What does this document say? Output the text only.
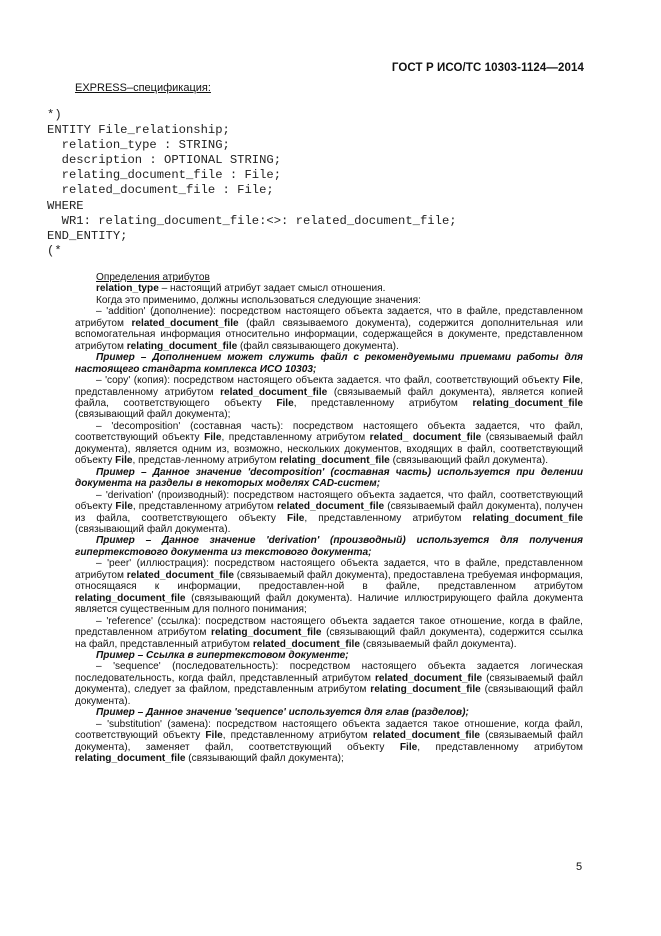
ГОСТ Р ИСО/ТС 10303-1124—2014
EXPRESS–спецификация:
*)
ENTITY File_relationship;
relation_type : STRING;
description : OPTIONAL STRING;
relating_document_file : File;
related_document_file : File;
WHERE
WR1: relating_document_file:<>: related_document_file;
END_ENTITY;
(*

Определения атрибутов

relation_type – настоящий атрибут задает смысл отношения.

Когда это применимо, должны использоваться следующие значения:

– 'addition' (дополнение): посредством настоящего объекта задается, что в файле, представленном атрибутом related_document_file (файл связываемого документа), содержится дополнительная или вспомогательная информация относительно информации, содержащейся в документе, представленном атрибутом relating_document_file (файл связывающего документа).

Пример – Дополнением может служить файл с рекомендуемыми приемами работы для настоящего стандарта комплекса ИСО 10303;

– 'copy' (копия): посредством настоящего объекта задается. что файл, соответствующий объекту File, представленному атрибутом related_document_file (связываемый файл документа), является копией файла, соответствующего объекту File, представленному атрибутом relating_document_file (связывающий файл документа);

– 'decomposition' (составная часть): посредством настоящего объекта задается, что файл, соответствующий объекту File, представленному атрибутом related_ document_file (связываемый файл документа), является одним из, возможно, нескольких документов, входящих в файл, соответствующий объекту File, представ-ленному атрибутом relating_document_file (связывающий файл документа).

Пример – Данное значение 'decomposition' (составная часть) используется при делении документа на разделы в некоторых моделях CAD-систем;

– 'derivation' (производный): посредством настоящего объекта задается, что файл, соответствующий объекту File, представленному атрибутом related_document_file (связываемый файл документа), получен из файла, соответствующего объекту File, представленному атрибутом relating_document_file (связывающий файл документа).

Пример – Данное значение 'derivation' (производный) используется для получения гипертекстового документа из текстового документа;

– 'peer' (иллюстрация): посредством настоящего объекта задается, что в файле, представленном атрибутом related_document_file (связываемый файл документа), предоставлена требуемая информация, относящаяся к информации, предоставлен-ной в файле, представленном атрибутом relating_document_file (связывающий файл документа). Наличие иллюстрирующего файла документа является существенным для полного понимания;

– 'reference' (ссылка): посредством настоящего объекта задается такое отношение, когда в файле, представленном атрибутом relating_document_file (связывающий файл документа), содержится ссылка на файл, представленный атрибутом related_document_file (связываемый файл документа).

Пример – Ссылка в гипертекстовом документе;

– 'sequence' (последовательность): посредством настоящего объекта задается логическая последовательность, когда файл, представленный атрибутом related_document_file (связываемый файл документа), следует за файлом, представленным атрибутом relating_document_file (связывающий файл документа).

Пример – Данное значение 'sequence' используется для глав (разделов);

– 'substitution' (замена): посредством настоящего объекта задается такое отношение, когда файл, соответствующий объекту File, представленному атрибутом related_document_file (связываемый файл документа), заменяет файл, соответствующий объекту File, представленному атрибутом relating_document_file (связывающий файл документа);

5
